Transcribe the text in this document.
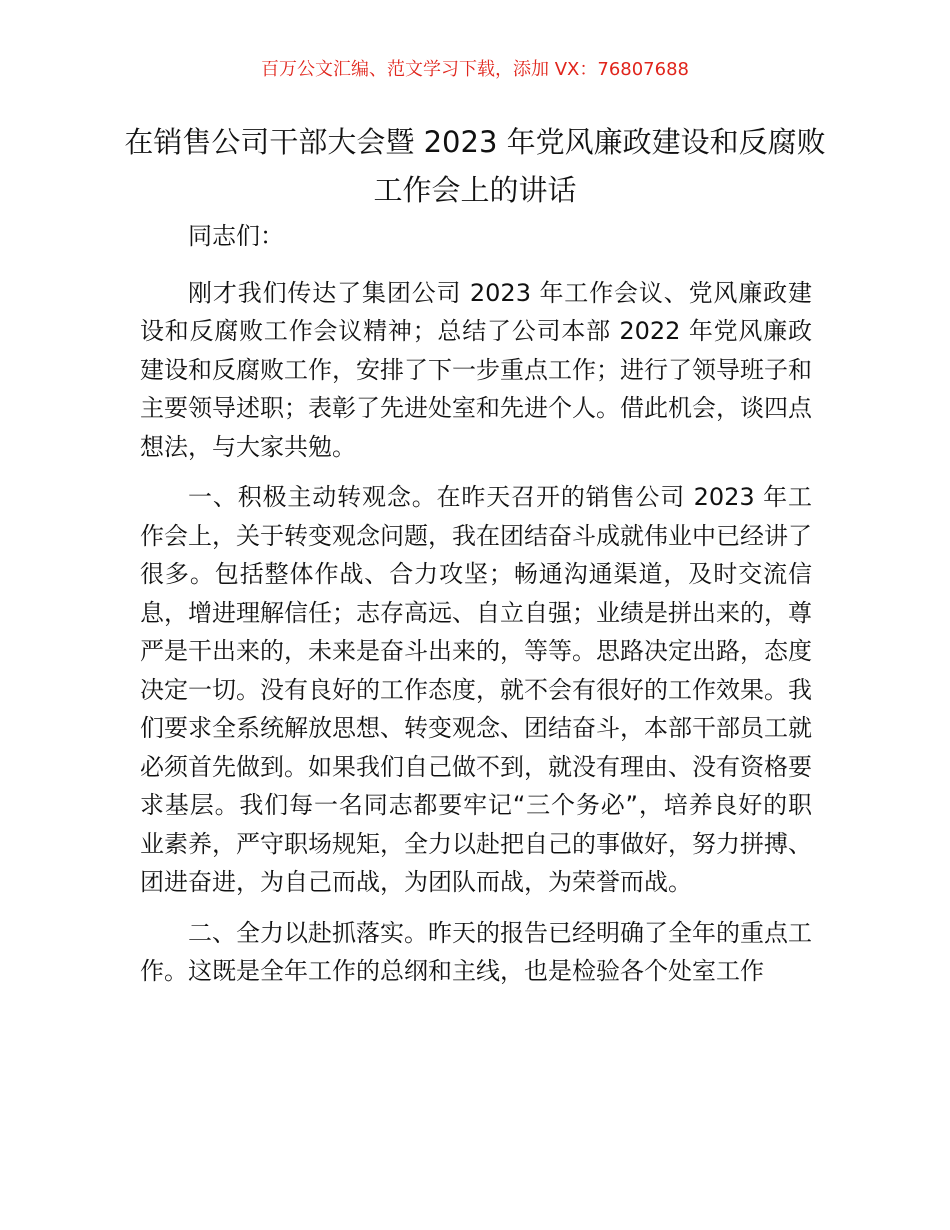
百万公文汇编、范文学习下载，添加 VX：76807688
在销售公司干部大会暨 2023 年党风廉政建设和反腐败工作会上的讲话

同志们：

刚才我们传达了集团公司 2023 年工作会议、党风廉政建设和反腐败工作会议精神；总结了公司本部 2022 年党风廉政建设和反腐败工作，安排了下一步重点工作；进行了领导班子和主要领导述职；表彰了先进处室和先进个人。借此机会，谈四点想法，与大家共勉。

一、积极主动转观念。在昨天召开的销售公司 2023 年工作会上，关于转变观念问题，我在团结奋斗成就伟业中已经讲了很多。包括整体作战、合力攻坚；畅通沟通渠道，及时交流信息，增进理解信任；志存高远、自立自强；业绩是拼出来的，尊严是干出来的，未来是奋斗出来的，等等。思路决定出路，态度决定一切。没有良好的工作态度，就不会有很好的工作效果。我们要求全系统解放思想、转变观念、团结奋斗，本部干部员工就必须首先做到。如果我们自己做不到，就没有理由、没有资格要求基层。我们每一名同志都要牢记“三个务必”，培养良好的职业素养，严守职场规矩，全力以赴把自己的事做好，努力拼搏、团进奋进，为自己而战，为团队而战，为荣誉而战。

二、全力以赴抓落实。昨天的报告已经明确了全年的重点工作。这既是全年工作的总纲和主线，也是检验各个处室工作
